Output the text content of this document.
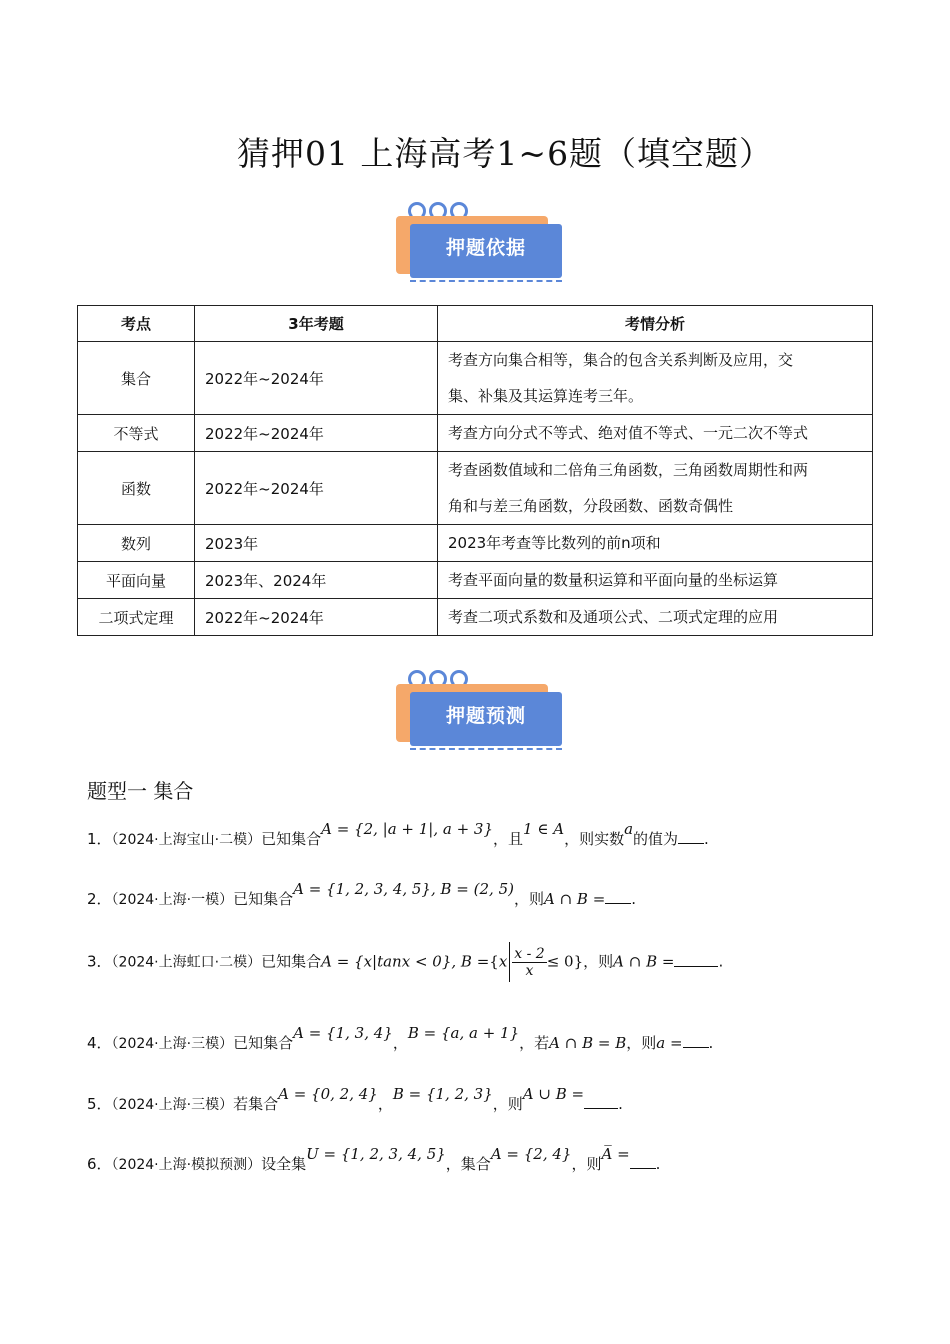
猜押01 上海高考1~6题（填空题）
押题依据
考点	3年考题	考情分析
集合	2022年~2024年	考查方向集合相等，集合的包含关系判断及应用，交
集、补集及其运算连考三年。

不等式	2022年~2024年	考查方向分式不等式、绝对值不等式、一元二次不等式
函数	2022年~2024年	考查函数值域和二倍角三角函数，三角函数周期性和两
角和与差三角函数，分段函数、函数奇偶性

数列	2023年	2023年考查等比数列的前n项和
平面向量	2023年、2024年	考查平面向量的数量积运算和平面向量的坐标运算
二项式定理	2022年~2024年	考查二项式系数和及通项公式、二项式定理的应用
押题预测
题型一 集合
1．（2024·上海宝山·二模）已知集合A = {2, |a + 1|, a + 3}，且1 ∈ A，则实数a的值为 .
2．（2024·上海·一模）已知集合A = {1, 2, 3, 4, 5}, B = (2, 5)，则A ∩ B = .
3．（2024·上海虹口·二模）已知集合A = {x|tanx < 0}, $B =\{x \frac{x - 2}{x} \le 0\}$，则A ∩ B =	.
4．（2024·上海·三模）已知集合A = {1, 3, 4}，B = {a, a + 1}，若A ∩ B = B，则a = .
5．（2024·上海·三模）若集合A = {0, 2, 4}，B = {1, 2, 3}，则A ∪ B =.
6．（2024·上海·模拟预测）设全集U = {1, 2, 3, 4, 5}，集合A = {2, 4}，则A̅ =.
